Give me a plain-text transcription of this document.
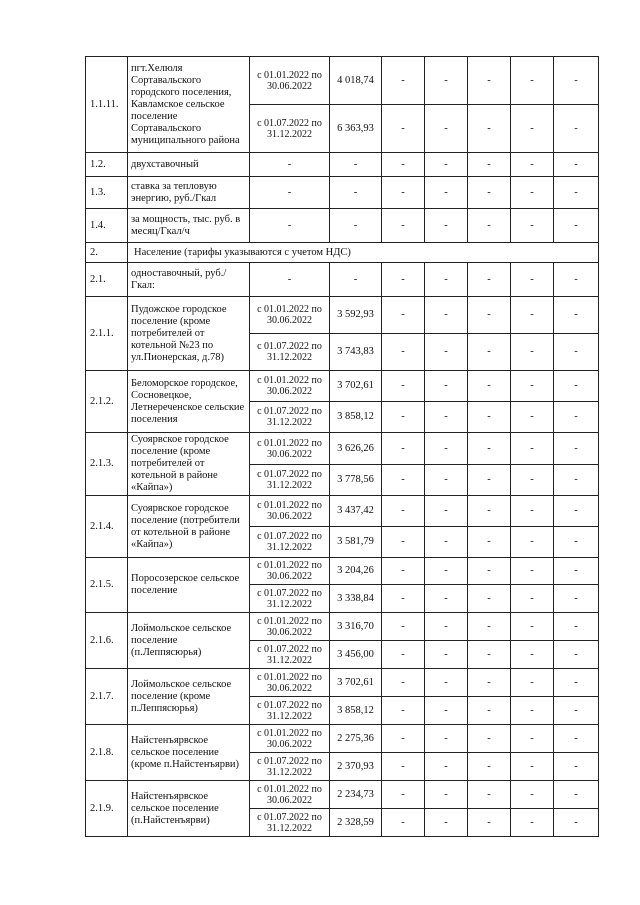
1.1.11.	пгт.Хелюля Сортавальского городского поселения, Кавламское сельское поселение Сортавальского муниципального района	с 01.01.2022 по 30.06.2022	4 018,74	-	-	-	-	-
		с 01.07.2022 по 31.12.2022	6 363,93	-	-	-	-	-
1.2.	двухставочный	-	-	-	-	-	-	-
1.3.	ставка за тепловую энергию, руб./Гкал	-	-	-	-	-	-	-
1.4.	за мощность, тыс. руб. в месяц/Гкал/ч	-	-	-	-	-	-	-
2.	Население (тарифы указываются с учетом НДС)							
2.1.	одноставочный, руб./Гкал:	-	-	-	-	-	-	-
2.1.1.	Пудожское городское поселение (кроме потребителей от котельной №23 по ул.Пионерская, д.78)	с 01.01.2022 по 30.06.2022	3 592,93	-	-	-	-	-
		с 01.07.2022 по 31.12.2022	3 743,83	-	-	-	-	-
2.1.2.	Беломорское городское, Сосновецкое, Летнереченское сельские поселения	с 01.01.2022 по 30.06.2022	3 702,61	-	-	-	-	-
		с 01.07.2022 по 31.12.2022	3 858,12	-	-	-	-	-
2.1.3.	Суоярвское городское поселение (кроме потребителей от котельной в районе «Кайпа»)	с 01.01.2022 по 30.06.2022	3 626,26	-	-	-	-	-
		с 01.07.2022 по 31.12.2022	3 778,56	-	-	-	-	-
2.1.4.	Суоярвское городское поселение (потребители от котельной в районе «Кайпа»)	с 01.01.2022 по 30.06.2022	3 437,42	-	-	-	-	-
		с 01.07.2022 по 31.12.2022	3 581,79	-	-	-	-	-
2.1.5.	Поросозерское сельское поселение	с 01.01.2022 по 30.06.2022	3 204,26	-	-	-	-	-
		с 01.07.2022 по 31.12.2022	3 338,84	-	-	-	-	-
2.1.6.	Лоймольское сельское поселение (п.Леппясюрья)	с 01.01.2022 по 30.06.2022	3 316,70	-	-	-	-	-
		с 01.07.2022 по 31.12.2022	3 456,00	-	-	-	-	-
2.1.7.	Лоймольское сельское поселение (кроме п.Леппясюрья)	с 01.01.2022 по 30.06.2022	3 702,61	-	-	-	-	-
		с 01.07.2022 по 31.12.2022	3 858,12	-	-	-	-	-
2.1.8.	Найстенъярвское сельское поселение (кроме п.Найстенъярви)	с 01.01.2022 по 30.06.2022	2 275,36	-	-	-	-	-
		с 01.07.2022 по 31.12.2022	2 370,93	-	-	-	-	-
2.1.9.	Найстенъярвское сельское поселение (п.Найстенъярви)	с 01.01.2022 по 30.06.2022	2 234,73	-	-	-	-	-
		с 01.07.2022 по 31.12.2022	2 328,59	-	-	-	-	-
